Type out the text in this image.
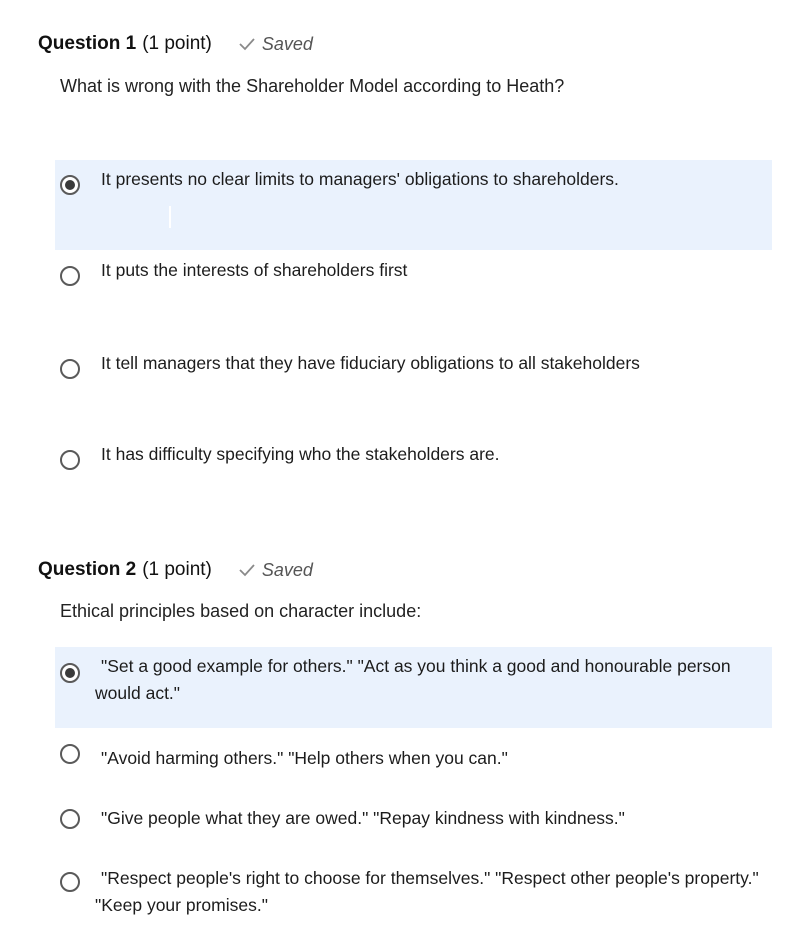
Question 1 (1 point)	Saved
What is wrong with the Shareholder Model according to Heath?
It presents no clear limits to managers' obligations to shareholders.
It puts the interests of shareholders first
It tell managers that they have fiduciary obligations to all stakeholders
It has difficulty specifying who the stakeholders are.
Question 2 (1 point)	Saved
Ethical principles based on character include:
"Set a good example for others." "Act as you think a good and honourable person would act."
"Avoid harming others." "Help others when you can."
"Give people what they are owed." "Repay kindness with kindness."
"Respect people's right to choose for themselves." "Respect other people's property." "Keep your promises."
